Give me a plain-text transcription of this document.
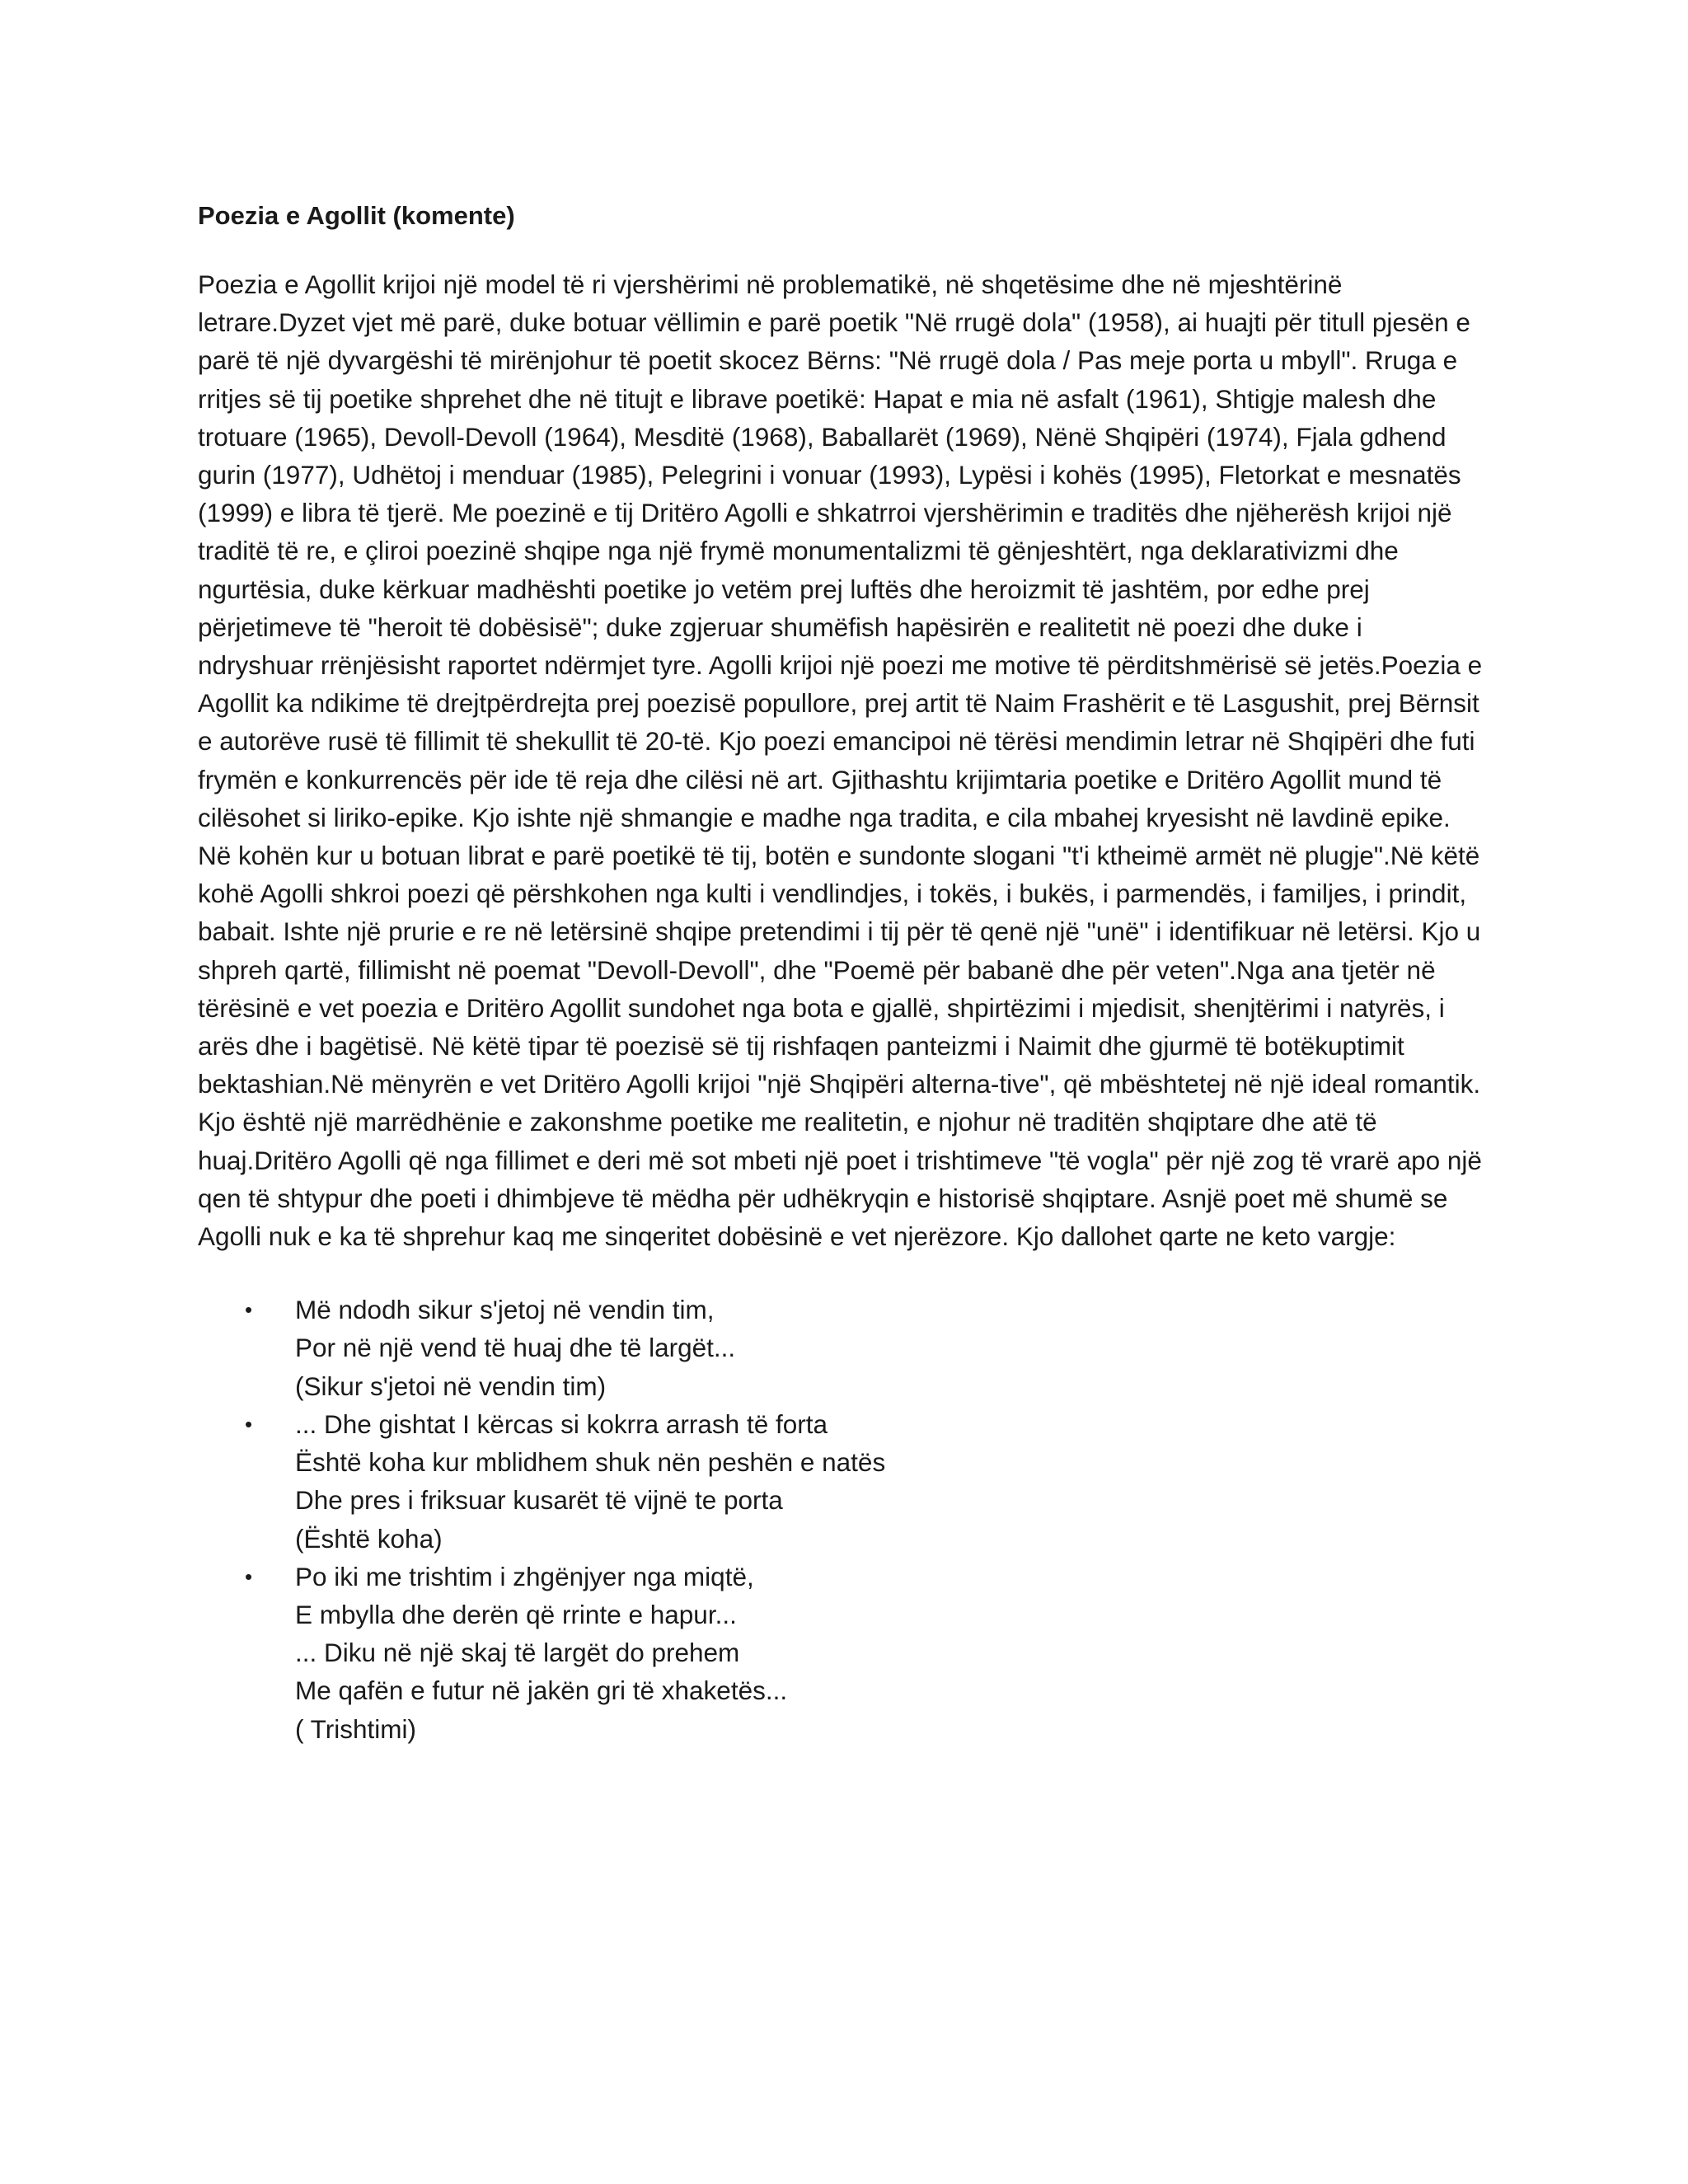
Poezia e Agollit (komente)

Poezia e Agollit krijoi një model të ri vjershërimi në problematikë, në shqetësime dhe në mjeshtërinë letrare.Dyzet vjet më parë, duke botuar vëllimin e parë poetik "Në rrugë dola" (1958), ai huajti për titull pjesën e parë të një dyvargëshi të mirënjohur të poetit skocez Bërns: "Në rrugë dola / Pas meje porta u mbyll". Rruga e rritjes së tij poetike shprehet dhe në titujt e librave poetikë: Hapat e mia në asfalt (1961), Shtigje malesh dhe trotuare (1965), Devoll-Devoll (1964), Mesditë (1968), Baballarët (1969), Nënë Shqipëri (1974), Fjala gdhend gurin (1977), Udhëtoj i menduar (1985), Pelegrini i vonuar (1993), Lypësi i kohës (1995), Fletorkat e mesnatës (1999) e libra të tjerë. Me poezinë e tij Dritëro Agolli e shkatrroi vjershërimin e traditës dhe njëherësh krijoi një traditë të re, e çliroi poezinë shqipe nga një frymë monumentalizmi të gënjeshtërt, nga deklarativizmi dhe ngurtësia, duke kërkuar madhështi poetike jo vetëm prej luftës dhe heroizmit të jashtëm, por edhe prej përjetimeve të "heroit të dobësisë"; duke zgjeruar shumëfish hapësirën e realitetit në poezi dhe duke i ndryshuar rrënjësisht raportet ndërmjet tyre. Agolli krijoi një poezi me motive të përditshmërisë së jetës.Poezia e Agollit ka ndikime të drejtpërdrejta prej poezisë popullore, prej artit të Naim Frashërit e të Lasgushit, prej Bërnsit e autorëve rusë të fillimit të shekullit të 20-të. Kjo poezi emancipoi në tërësi mendimin letrar në Shqipëri dhe futi frymën e konkurrencës për ide të reja dhe cilësi në art. Gjithashtu krijimtaria poetike e Dritëro Agollit mund të cilësohet si liriko-epike. Kjo ishte një shmangie e madhe nga tradita, e cila mbahej kryesisht në lavdinë epike. Në kohën kur u botuan librat e parë poetikë të tij, botën e sundonte slogani "t'i ktheimë armët në plugje".Në këtë kohë Agolli shkroi poezi që përshkohen nga kulti i vendlindjes, i tokës, i bukës, i parmendës, i familjes, i prindit, babait. Ishte një prurie e re në letërsinë shqipe pretendimi i tij për të qenë një "unë" i identifikuar në letërsi. Kjo u shpreh qartë, fillimisht në poemat "Devoll-Devoll", dhe "Poemë për babanë dhe për veten".Nga ana tjetër në tërësinë e vet poezia e Dritëro Agollit sundohet nga bota e gjallë, shpirtëzimi i mjedisit, shenjtërimi i natyrës, i arës dhe i bagëtisë. Në këtë tipar të poezisë së tij rishfaqen panteizmi i Naimit dhe gjurmë të botëkuptimit bektashian.Në mënyrën e vet Dritëro Agolli krijoi "një Shqipëri alterna-tive", që mbështetej në një ideal romantik. Kjo është një marrëdhënie e zakonshme poetike me realitetin, e njohur në traditën shqiptare dhe atë të huaj.Dritëro Agolli që nga fillimet e deri më sot mbeti një poet i trishtimeve "të vogla" për një zog të vrarë apo një qen të shtypur dhe poeti i dhimbjeve të mëdha për udhëkryqin e historisë shqiptare. Asnjë poet më shumë se Agolli nuk e ka të shprehur kaq me sinqeritet dobësinë e vet njerëzore. Kjo dallohet qarte ne keto vargje:

• Më ndodh sikur s'jetoj në vendin tim,
Por në një vend të huaj dhe të largët...
(Sikur s'jetoi në vendin tim)
• ... Dhe gishtat I kërcas si kokrra arrash të forta
Është koha kur mblidhem shuk nën peshën e natës
Dhe pres i friksuar kusarët të vijnë te porta
(Është koha)
• Po iki me trishtim i zhgënjyer nga miqtë,
E mbylla dhe derën që rrinte e hapur...
... Diku në një skaj të largët do prehem
Me qafën e futur në jakën gri të xhaketës...
( Trishtimi)
